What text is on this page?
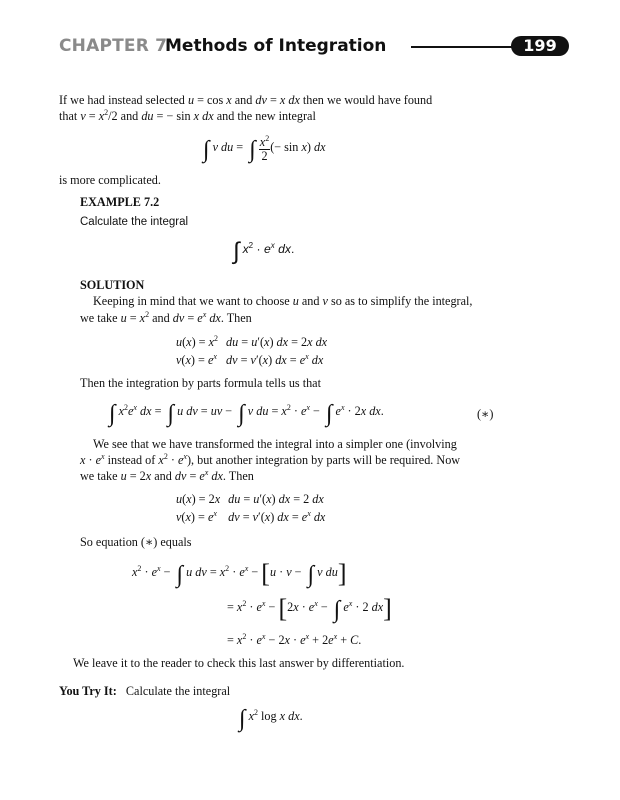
CHAPTER 7
Methods of Integration	199
If we had instead selected u = cos x and dv = x dx then we would have found
that $v = x^2/2$ and du = − sin x dx and the new integral
∫ v du = ∫ $\frac{x^2}{2}$ (− sin x) dx
is more complicated.
EXAMPLE 7.2
Calculate the integral
∫ $x^2 \cdot e^x$ dx.
SOLUTION
Keeping in mind that we want to choose u and v so as to simplify the integral,
we take $u = x^2$ and dv = $e^x$ dx. Then
$u(x) = x^2$	du = u′(x) dx = 2x dx
$v(x) = e^x$	dv = v′(x) dx = $e^x$ dx
Then the integration by parts formula tells us that
∫ $x^2e^x$ dx = ∫ u dv = uv − ∫ v du = $x^2 \cdot e^x$ − ∫ $e^x \cdot 2x$ dx.	(∗)
We see that we have transformed the integral into a simpler one (involving
$x \cdot e^x$ instead of $x^2 \cdot e^x$), but another integration by parts will be required. Now
we take u = 2x and dv = $e^x$ dx. Then
u(x) = 2x	du = u′(x) dx = 2 dx
$v(x) = e^x$	dv = v′(x) dx = $e^x$ dx
So equation (∗) equals
$x^2 \cdot e^x$ − ∫ u dv = $x^2 \cdot e^x - [u \cdot v$ − ∫ v du]
= $x^2 \cdot e^x - [2x \cdot e^x$ − ∫ $e^x \cdot 2$ dx]
= $x^2 \cdot e^x - 2x \cdot e^x + 2e^x + C$.
We leave it to the reader to check this last answer by differentiation.
You Try It: Calculate the integral
∫ $x^2$ log x dx.
